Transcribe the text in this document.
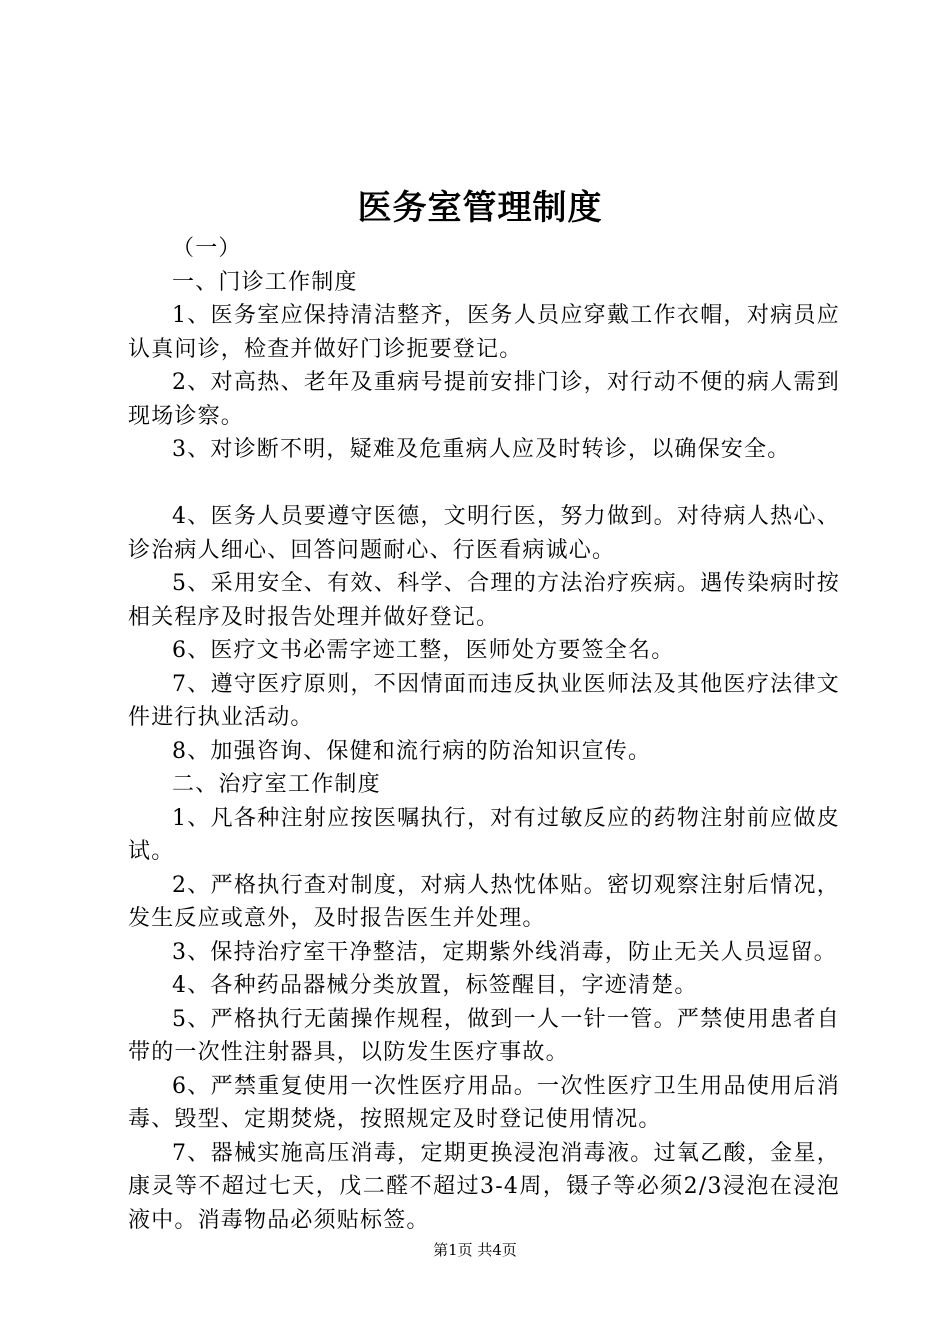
医务室管理制度

（一）

一、门诊工作制度

1、医务室应保持清洁整齐，医务人员应穿戴工作衣帽，对病员应认真问诊，检查并做好门诊扼要登记。

2、对高热、老年及重病号提前安排门诊，对行动不便的病人需到现场诊察。

3、对诊断不明，疑难及危重病人应及时转诊，以确保安全。

4、医务人员要遵守医德，文明行医，努力做到。对待病人热心、诊治病人细心、回答问题耐心、行医看病诚心。

5、采用安全、有效、科学、合理的方法治疗疾病。遇传染病时按相关程序及时报告处理并做好登记。

6、医疗文书必需字迹工整，医师处方要签全名。

7、遵守医疗原则，不因情面而违反执业医师法及其他医疗法律文件进行执业活动。

8、加强咨询、保健和流行病的防治知识宣传。

二、治疗室工作制度

1、凡各种注射应按医嘱执行，对有过敏反应的药物注射前应做皮试。

2、严格执行查对制度，对病人热忱体贴。密切观察注射后情况，发生反应或意外，及时报告医生并处理。

3、保持治疗室干净整洁，定期紫外线消毒，防止无关人员逗留。

4、各种药品器械分类放置，标签醒目，字迹清楚。

5、严格执行无菌操作规程，做到一人一针一管。严禁使用患者自带的一次性注射器具，以防发生医疗事故。

6、严禁重复使用一次性医疗用品。一次性医疗卫生用品使用后消毒、毁型、定期焚烧，按照规定及时登记使用情况。

7、器械实施高压消毒，定期更换浸泡消毒液。过氧乙酸，金星，康灵等不超过七天，戊二醛不超过3-4周，镊子等必须2/3浸泡在浸泡液中。消毒物品必须贴标签。

第1页 共4页
